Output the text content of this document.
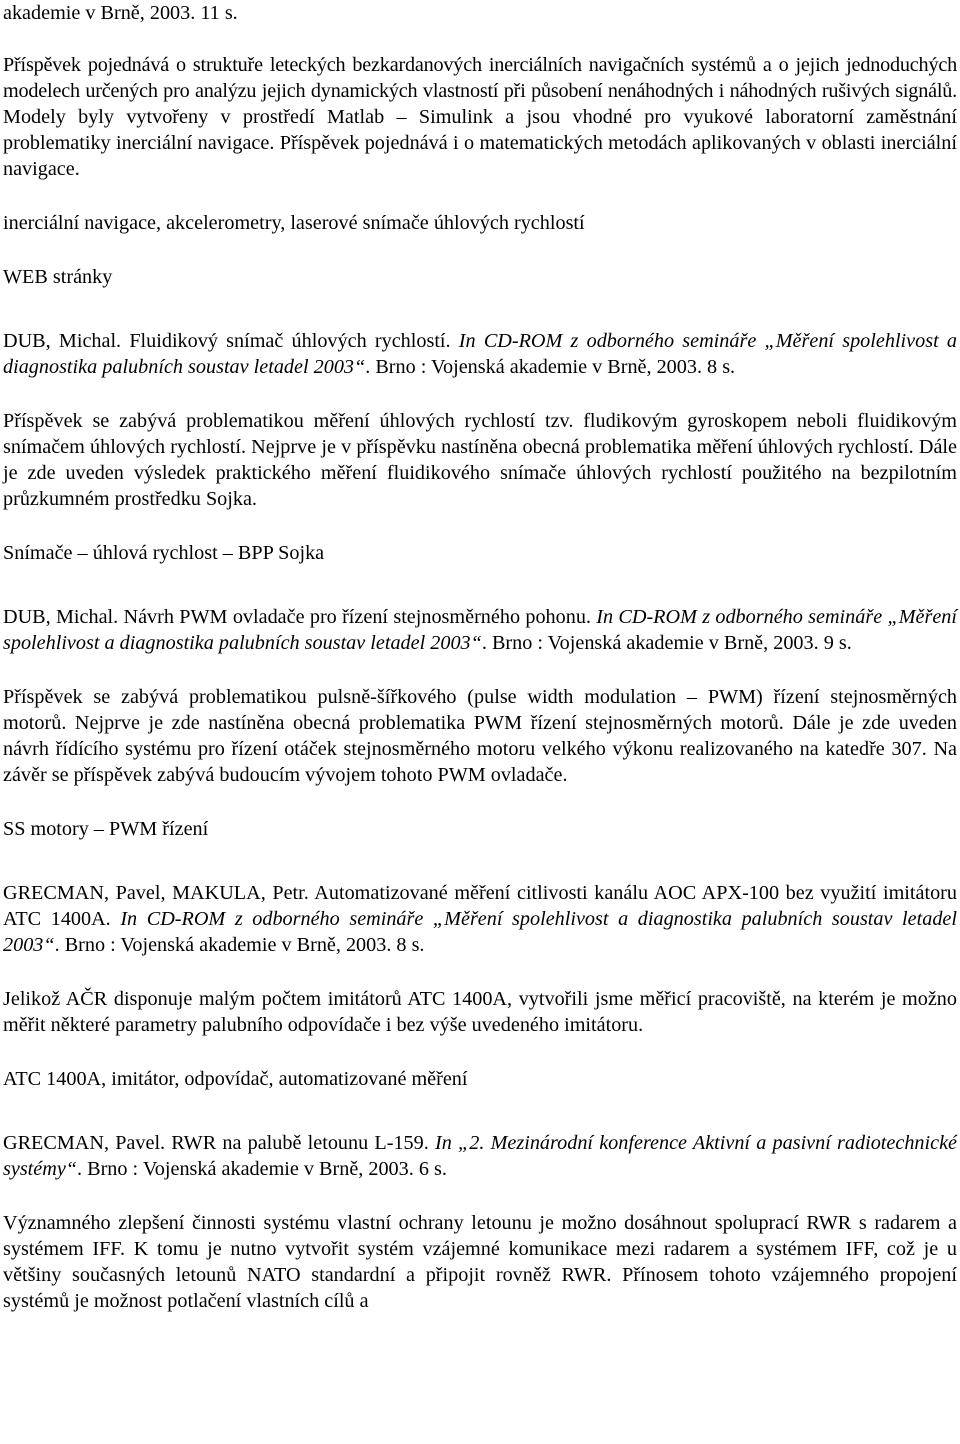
akademie v Brně, 2003. 11 s.

Příspěvek pojednává o struktuře leteckých bezkardanových inerciálních navigačních systémů a o jejich jednoduchých modelech určených pro analýzu jejich dynamických vlastností při působení nenáhodných i náhodných rušivých signálů. Modely byly vytvořeny v prostředí Matlab – Simulink a jsou vhodné pro vyukové laboratorní zaměstnání problematiky inerciální navigace. Příspěvek pojednává i o matematických metodách aplikovaných v oblasti inerciální navigace.

inerciální navigace, akcelerometry, laserové snímače úhlových rychlostí

WEB stránky

DUB, Michal. Fluidikový snímač úhlových rychlostí. In CD-ROM z odborného semináře „Měření spolehlivost a diagnostika palubních soustav letadel 2003“. Brno : Vojenská akademie v Brně, 2003. 8 s.

Příspěvek se zabývá problematikou měření úhlových rychlostí tzv. fludikovým gyroskopem neboli fluidikovým snímačem úhlových rychlostí. Nejprve je v příspěvku nastíněna obecná problematika měření úhlových rychlostí. Dále je zde uveden výsledek praktického měření fluidikového snímače úhlových rychlostí použitého na bezpilotním průzkumném prostředku Sojka.

Snímače – úhlová rychlost – BPP Sojka

DUB, Michal. Návrh PWM ovladače pro řízení stejnosměrného pohonu. In CD-ROM z odborného semináře „Měření spolehlivost a diagnostika palubních soustav letadel 2003“. Brno : Vojenská akademie v Brně, 2003. 9 s.

Příspěvek se zabývá problematikou pulsně-šířkového (pulse width modulation – PWM) řízení stejnosměrných motorů. Nejprve je zde nastíněna obecná problematika PWM řízení stejnosměrných motorů. Dále je zde uveden návrh řídícího systému pro řízení otáček stejnosměrného motoru velkého výkonu realizovaného na katedře 307. Na závěr se příspěvek zabývá budoucím vývojem tohoto PWM ovladače.

SS motory – PWM řízení

GRECMAN, Pavel, MAKULA, Petr. Automatizované měření citlivosti kanálu AOC APX-100 bez využití imitátoru ATC 1400A. In CD-ROM z odborného semináře „Měření spolehlivost a diagnostika palubních soustav letadel 2003“. Brno : Vojenská akademie v Brně, 2003. 8 s.

Jelikož AČR disponuje malým počtem imitátorů ATC 1400A, vytvořili jsme měřicí pracoviště, na kterém je možno měřit některé parametry palubního odpovídače i bez výše uvedeného imitátoru.

ATC 1400A, imitátor, odpovídač, automatizované měření

GRECMAN, Pavel. RWR na palubě letounu L-159. In „2. Mezinárodní konference Aktivní a pasivní radiotechnické systémy“. Brno : Vojenská akademie v Brně, 2003. 6 s.

Významného zlepšení činnosti systému vlastní ochrany letounu je možno dosáhnout spoluprací RWR s radarem a systémem IFF. K tomu je nutno vytvořit systém vzájemné komunikace mezi radarem a systémem IFF, což je u většiny současných letounů NATO standardní a připojit rovněž RWR. Přínosem tohoto vzájemného propojení systémů je možnost potlačení vlastních cílů a
